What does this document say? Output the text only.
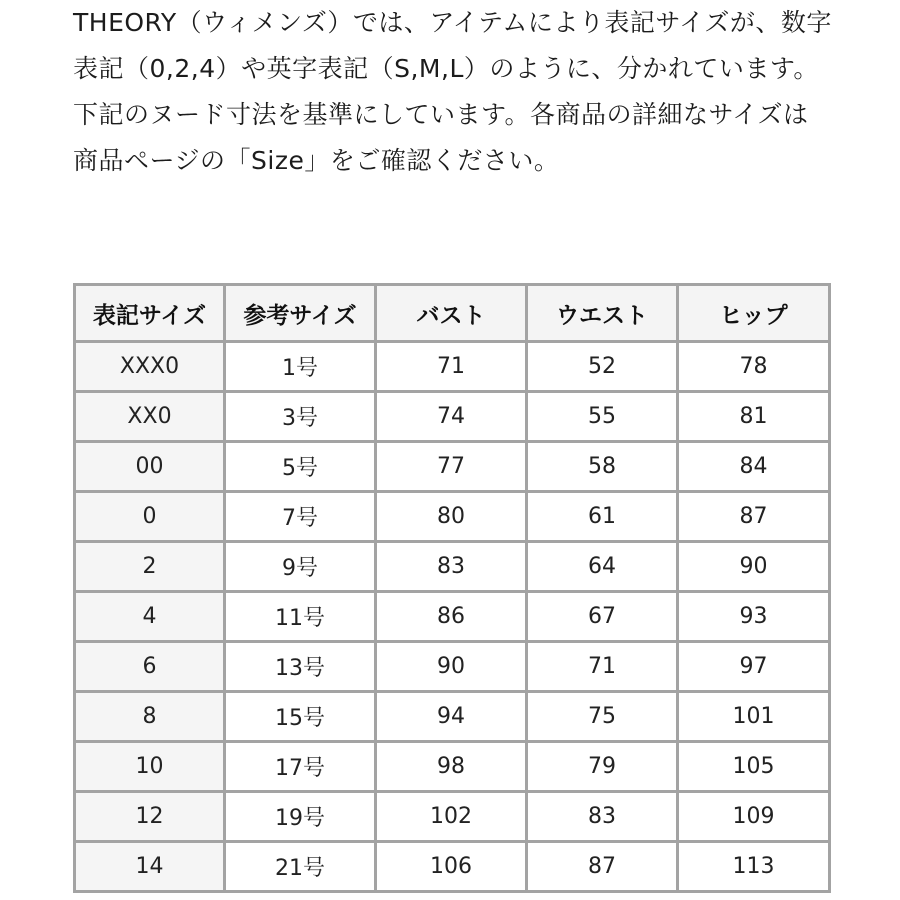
THEORY（ウィメンズ）では、アイテムにより表記サイズが、数字表記（0,2,4）や英字表記（S,M,L）のように、分かれています。

下記のヌード寸法を基準にしています。各商品の詳細なサイズは商品ページの「Size」をご確認ください。

表記サイズ	参考サイズ	バスト	ウエスト	ヒップ
XXX0	1号	71	52	78
XX0	3号	74	55	81
00	5号	77	58	84
0	7号	80	61	87
2	9号	83	64	90
4	11号	86	67	93
6	13号	90	71	97
8	15号	94	75	101
10	17号	98	79	105
12	19号	102	83	109
14	21号	106	87	113
